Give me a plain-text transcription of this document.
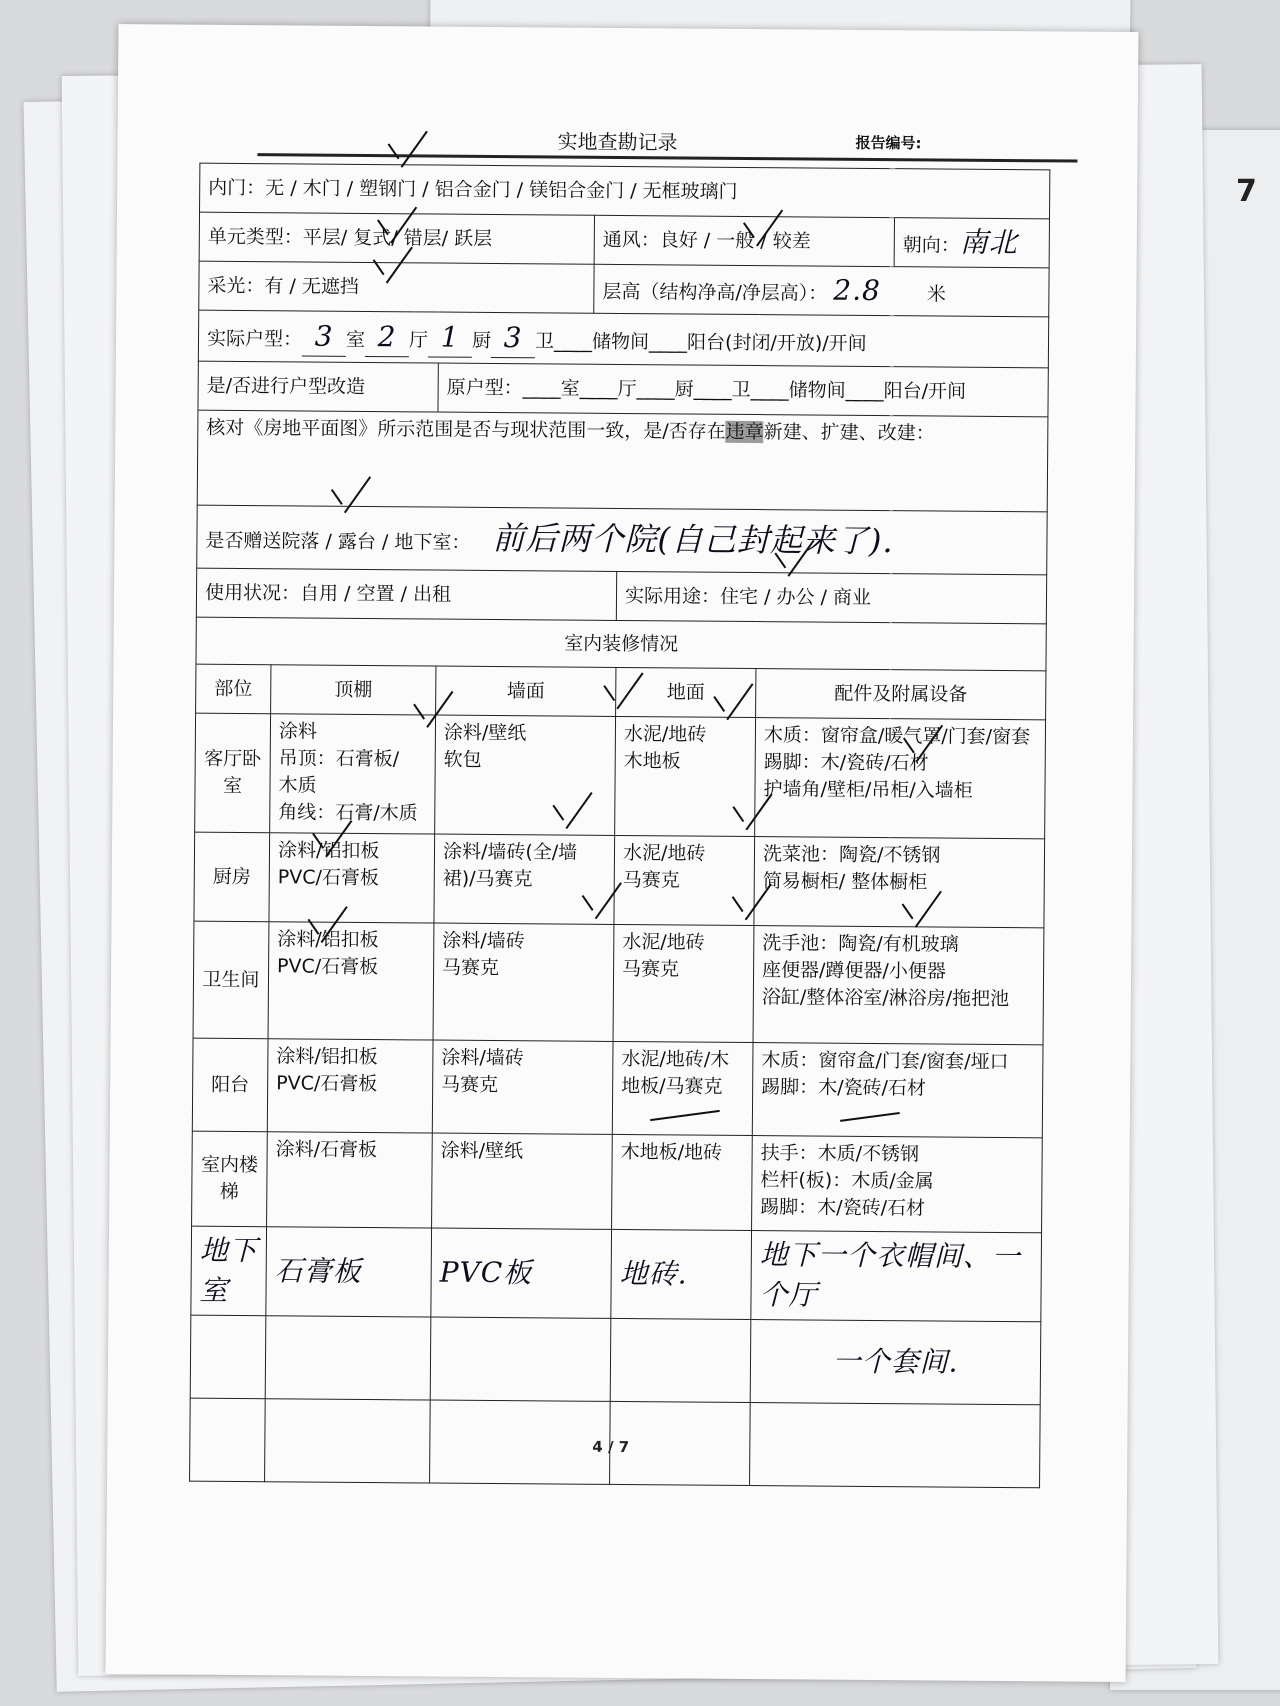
7
实地查勘记录	报告编号:
内门：无 / 木门 / 塑钢门 / 铝合金门 / 镁铝合金门 / 无框玻璃门						
单元类型：平层/ 复式/ 错层/ 跃层			通风：良好 / 一般 / 较差			朝向：南北
采光：有 / 无遮挡			层高（结构净高/净层高）： 2.8 米			
实际户型： 3 室 2 厅 1 厨 3 卫____储物间____阳台(封闭/开放)/开间						
是/否进行户型改造		原户型：____室____厅____厨____卫____储物间____阳台/开间				
核对《房地平面图》所示范围是否与现状范围一致，是/否存在违章新建、扩建、改建：						
是否赠送院落 / 露台 / 地下室： 前后两个院(自己封起来了).						
使用状况：自用 / 空置 / 出租				实际用途：住宅 / 办公 / 商业		
室内装修情况						
部位	顶棚	墙面		地面	配件及附属设备	
客厅卧室	涂料
吊顶：石膏板/
木质
角线：石膏/木质	涂料/壁纸
软包		水泥/地砖
木地板	木质：窗帘盒/暖气罩/门套/窗套
踢脚：木/瓷砖/石材
护墙角/壁柜/吊柜/入墙柜	
厨房	涂料/铝扣板
PVC/石膏板	涂料/墙砖(全/墙裙)/马赛克		水泥/地砖
马赛克	洗菜池：陶瓷/不锈钢
简易橱柜/ 整体橱柜	
卫生间	涂料/铝扣板
PVC/石膏板	涂料/墙砖
马赛克		水泥/地砖
马赛克	洗手池：陶瓷/有机玻璃
座便器/蹲便器/小便器
浴缸/整体浴室/淋浴房/拖把池	
阳台	涂料/铝扣板
PVC/石膏板	涂料/墙砖
马赛克		水泥/地砖/木地板/马赛克	木质：窗帘盒/门套/窗套/垭口
踢脚：木/瓷砖/石材	
室内楼梯	涂料/石膏板	涂料/壁纸		木地板/地砖	扶手：木质/不锈钢
栏杆(板)：木质/金属
踢脚：木/瓷砖/石材	
地下室	石膏板	PVC板		地砖.	地下一个衣帽间、一个厅	
					一个套间.	

4 / 7
